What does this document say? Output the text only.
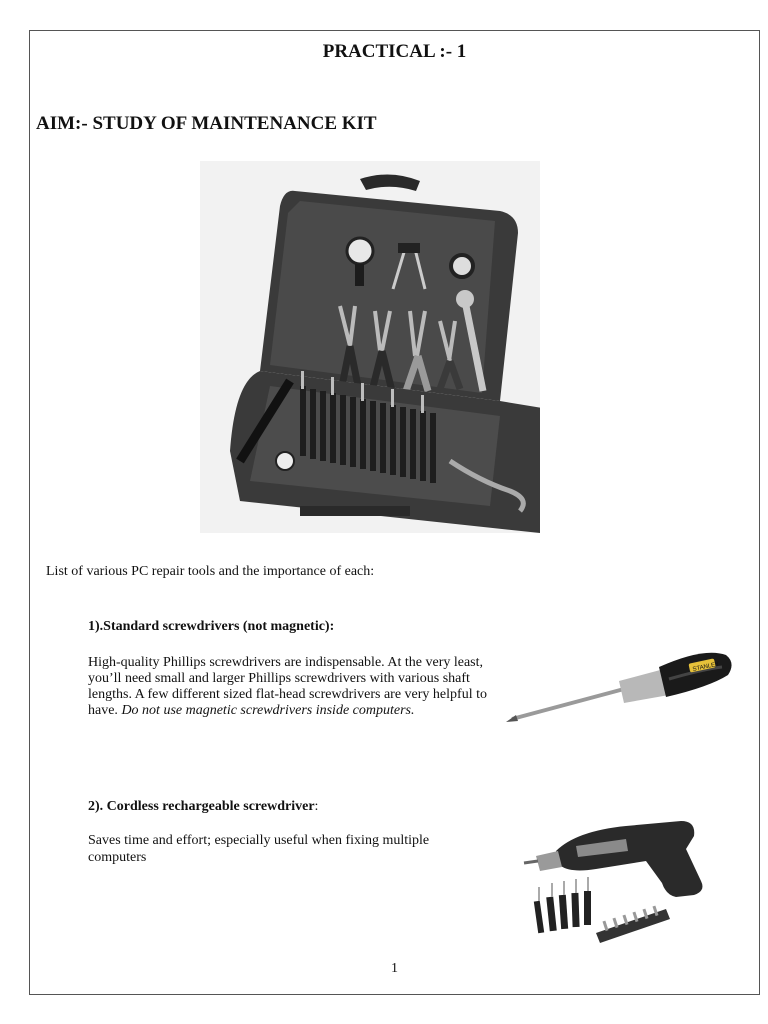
PRACTICAL :- 1
AIM:- STUDY OF MAINTENANCE KIT
List of various PC repair tools and the importance of each:
1).Standard screwdrivers (not magnetic):
High-quality Phillips screwdrivers are indispensable. At the very least, you’ll need small and larger Phillips screwdrivers with various shaft lengths. A few different sized flat-head screwdrivers are very helpful to have. Do not use magnetic screwdrivers inside computers.
STANLEY
2). Cordless rechargeable screwdriver:
Saves time and effort; especially useful when fixing multiple computers
1
